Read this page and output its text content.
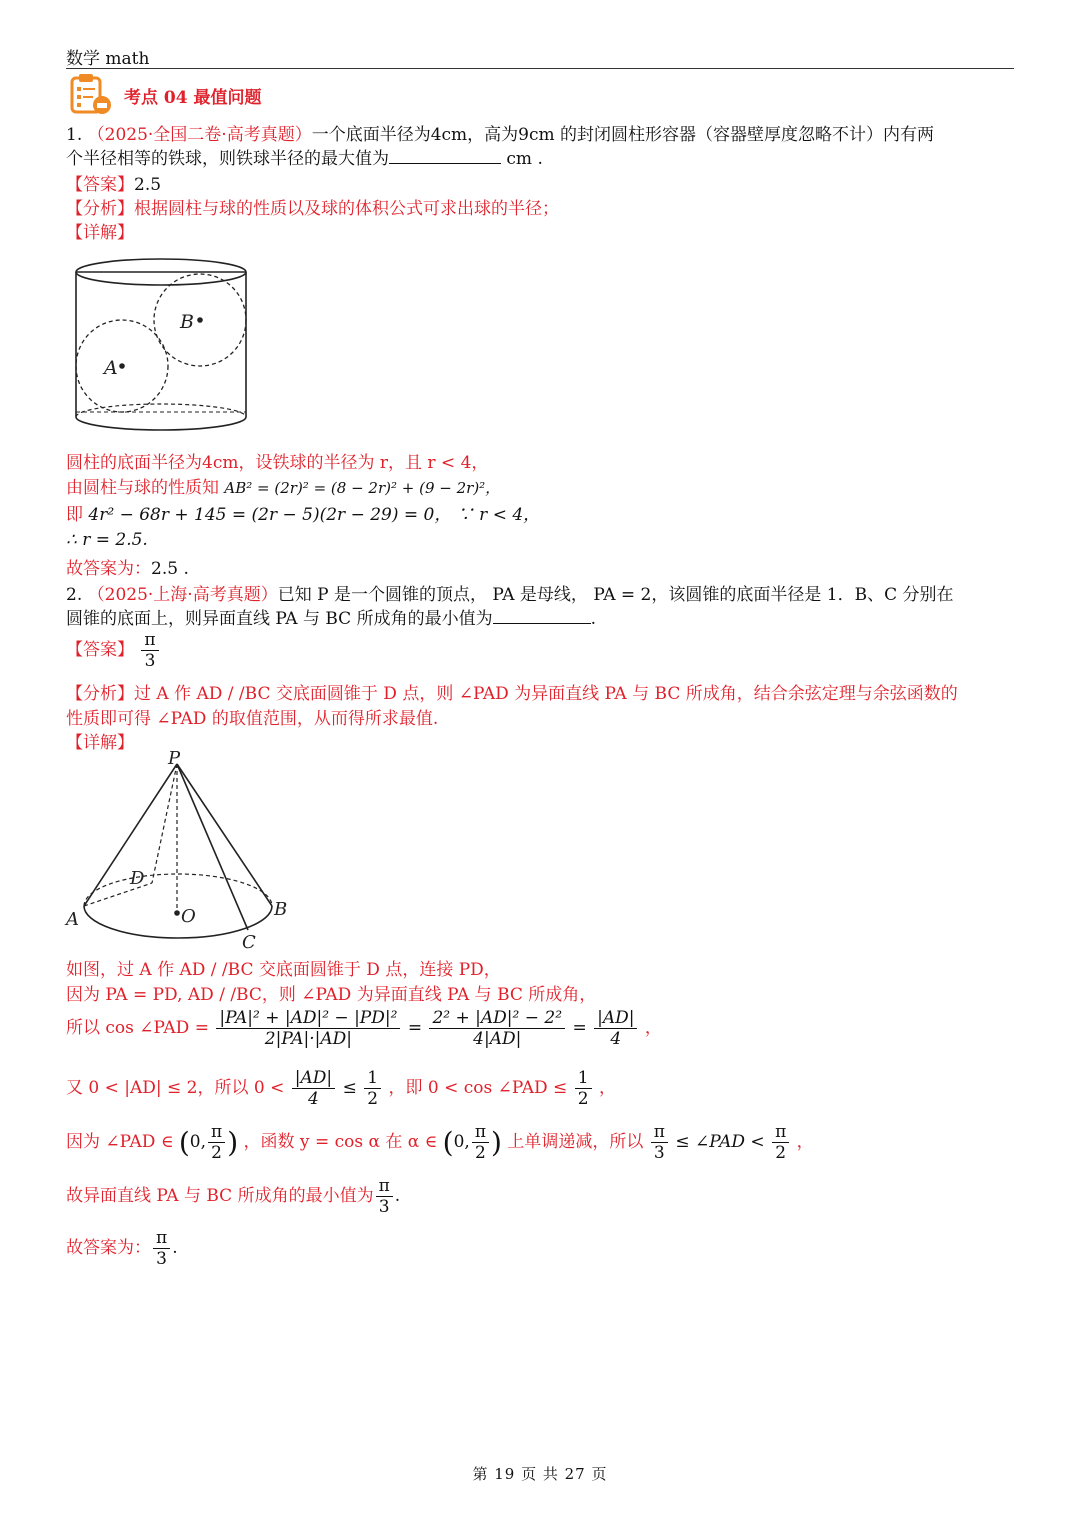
数学 math
考点 04 最值问题
1. （2025·全国二卷·高考真题）一个底面半径为4cm，高为9cm 的封闭圆柱形容器（容器壁厚度忽略不计）内有两
个半径相等的铁球，则铁球半径的最大值为	cm .
【答案】2.5
【分析】根据圆柱与球的性质以及球的体积公式可求出球的半径；
【详解】
B
A
圆柱的底面半径为4cm，设铁球的半径为 r，且 r < 4，
由圆柱与球的性质知 AB² = (2r)² = (8 − 2r)² + (9 − 2r)²，
即 4r² − 68r + 145 = (2r − 5)(2r − 29) = 0， ∵ r < 4，
∴ r = 2.5.
故答案为：2.5 .
2. （2025·上海·高考真题）已知 P 是一个圆锥的顶点， PA 是母线， PA = 2，该圆锥的底面半径是 1．B、C 分别在
圆锥的底面上，则异面直线 PA 与 BC 所成角的最小值为	.
【答案】 $\frac{\pi}{3}$
【分析】过 A 作 AD / /BC 交底面圆锥于 D 点，则 ∠PAD 为异面直线 PA 与 BC 所成角，结合余弦定理与余弦函数的
性质即可得 ∠PAD 的取值范围，从而得所求最值.
【详解】
P
D
A	O	B
C
如图，过 A 作 AD / /BC 交底面圆锥于 D 点，连接 PD，
因为 PA = PD, AD / /BC，则 ∠PAD 为异面直线 PA 与 BC 所成角，
所以 cos ∠PAD = $\frac{\text{|PA|² + |AD|² − |PD|²}}{2|PA|\cdot|AD|} = \frac{\text{2² + |AD|² − 2²}}{4|AD|} = \frac{|AD|}{4}$ ，
又 0 < |AD| ≤ 2，所以 $0 < \frac{|AD|}{4} \le \frac{1}{2}$ ，即 0 < cos ∠PAD ≤ $\frac{1}{2}$ ，
因为 ∠PAD ∈ (0, $\frac{\pi}{2}$ ) ，函数 y = cos α 在 α ∈ (0, $\frac{\pi}{2}$ ) 上单调递减，所以 $\frac{\pi}{3}$ ≤ ∠PAD < $\frac{\pi}{2}$ ，
故异面直线 PA 与 BC 所成角的最小值为 $\frac{\pi}{3}$ .
故答案为： $\frac{\pi}{3}$ .
第 19 页 共 27 页
